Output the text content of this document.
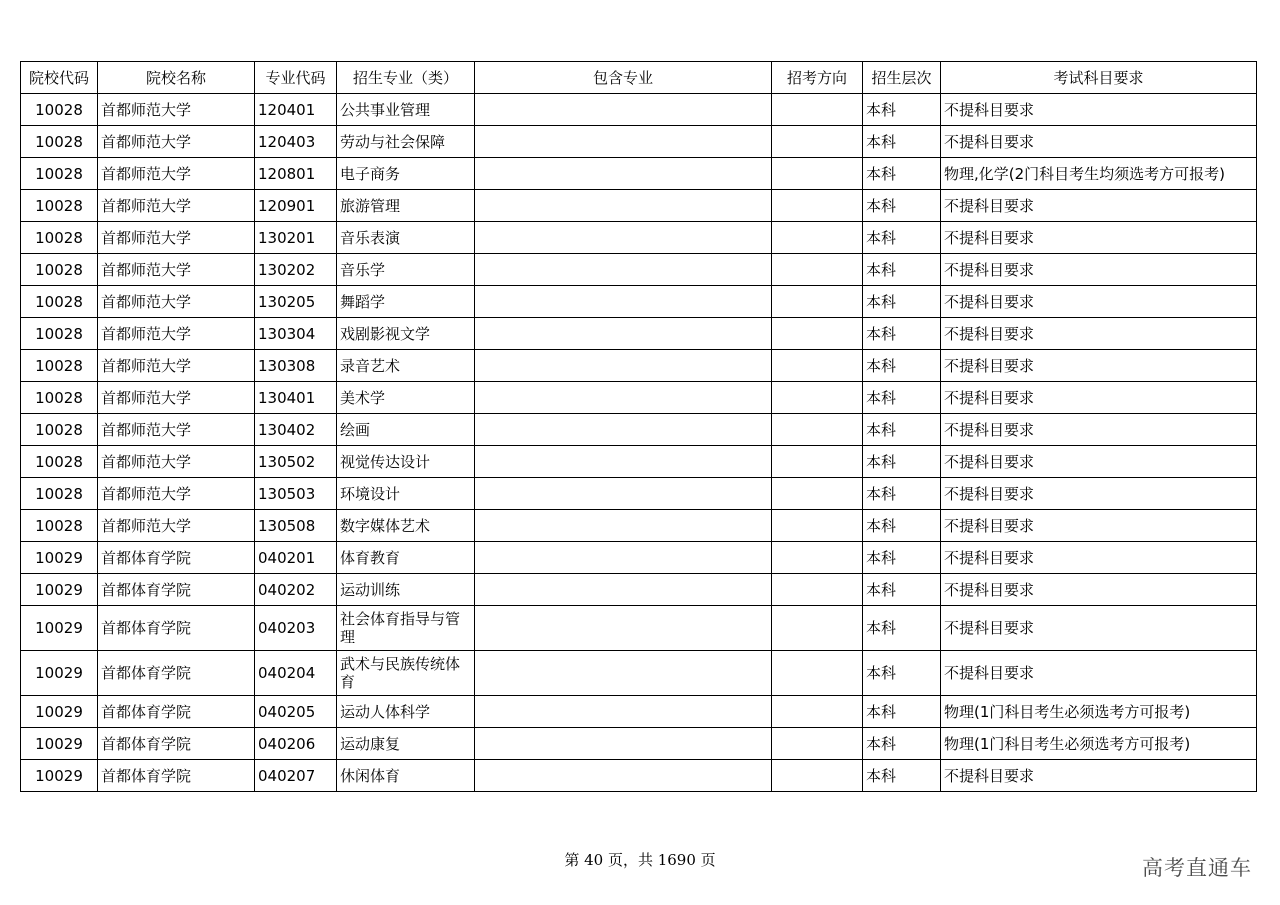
院校代码	院校名称	专业代码	招生专业（类）	包含专业	招考方向	招生层次	考试科目要求
10028	首都师范大学	120401	公共事业管理			本科	不提科目要求
10028	首都师范大学	120403	劳动与社会保障			本科	不提科目要求
10028	首都师范大学	120801	电子商务			本科	物理,化学(2门科目考生均须选考方可报考)
10028	首都师范大学	120901	旅游管理			本科	不提科目要求
10028	首都师范大学	130201	音乐表演			本科	不提科目要求
10028	首都师范大学	130202	音乐学			本科	不提科目要求
10028	首都师范大学	130205	舞蹈学			本科	不提科目要求
10028	首都师范大学	130304	戏剧影视文学			本科	不提科目要求
10028	首都师范大学	130308	录音艺术			本科	不提科目要求
10028	首都师范大学	130401	美术学			本科	不提科目要求
10028	首都师范大学	130402	绘画			本科	不提科目要求
10028	首都师范大学	130502	视觉传达设计			本科	不提科目要求
10028	首都师范大学	130503	环境设计			本科	不提科目要求
10028	首都师范大学	130508	数字媒体艺术			本科	不提科目要求
10029	首都体育学院	040201	体育教育			本科	不提科目要求
10029	首都体育学院	040202	运动训练			本科	不提科目要求
10029	首都体育学院	040203	社会体育指导与管理			本科	不提科目要求
10029	首都体育学院	040204	武术与民族传统体育			本科	不提科目要求
10029	首都体育学院	040205	运动人体科学			本科	物理(1门科目考生必须选考方可报考)
10029	首都体育学院	040206	运动康复			本科	物理(1门科目考生必须选考方可报考)
10029	首都体育学院	040207	休闲体育			本科	不提科目要求
第 40 页，共 1690 页	高考直通车
